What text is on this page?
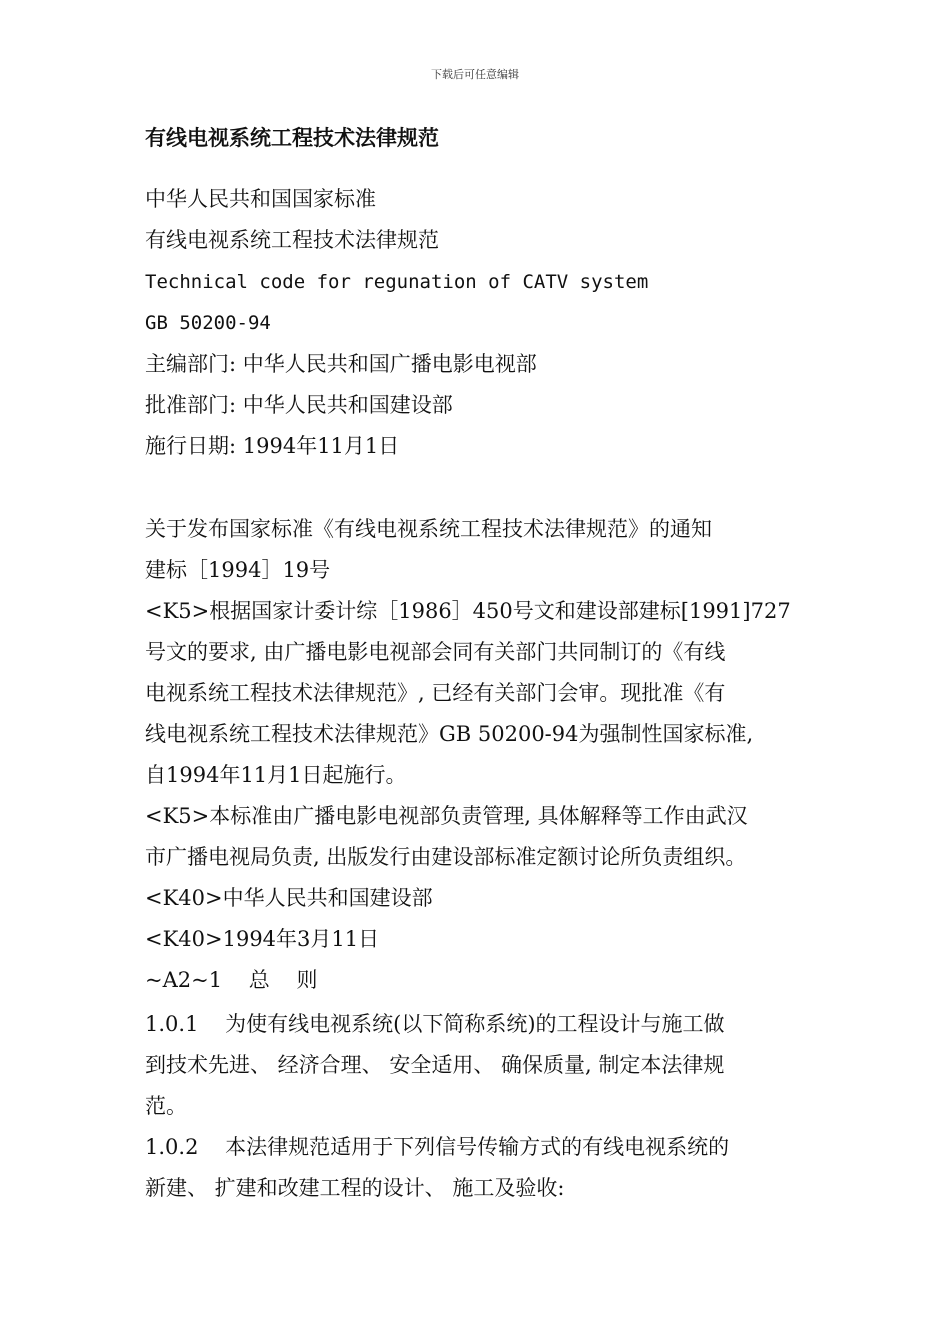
下载后可任意编辑
有线电视系统工程技术法律规范
中华人民共和国国家标准
有线电视系统工程技术法律规范
Technical code for regunation of CATV system
GB 50200-94
主编部门: 中华人民共和国广播电影电视部
批准部门: 中华人民共和国建设部
施行日期: 1994年11月1日
关于发布国家标准《有线电视系统工程技术法律规范》的通知
建标［1994］19号
<K5>根据国家计委计综［1986］450号文和建设部建标[1991]727
号文的要求, 由广播电影电视部会同有关部门共同制订的《有线
电视系统工程技术法律规范》, 已经有关部门会审。现批准《有
线电视系统工程技术法律规范》GB 50200-94为强制性国家标准,
自1994年11月1日起施行。
<K5>本标准由广播电影电视部负责管理, 具体解释等工作由武汉
市广播电视局负责, 出版发行由建设部标准定额讨论所负责组织。
<K40>中华人民共和国建设部
<K40>1994年3月11日
~A2~1    总    则
1.0.1    为使有线电视系统(以下简称系统)的工程设计与施工做
到技术先进、 经济合理、 安全适用、 确保质量, 制定本法律规
范。
1.0.2    本法律规范适用于下列信号传输方式的有线电视系统的
新建、 扩建和改建工程的设计、 施工及验收:
